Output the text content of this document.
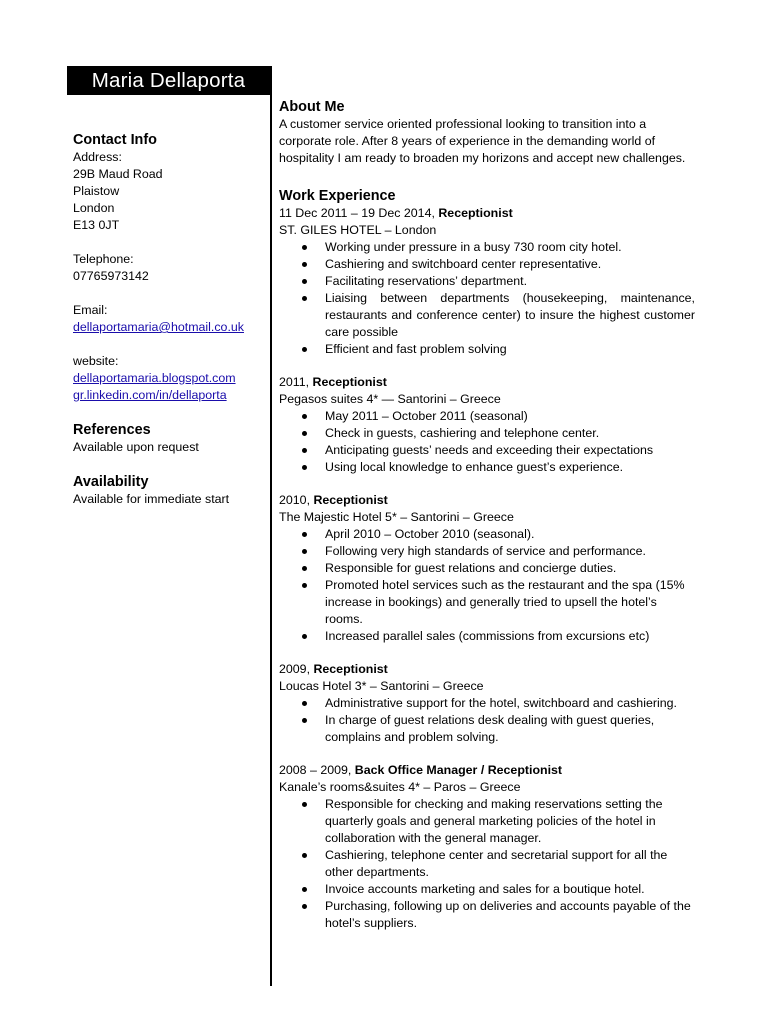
Maria Dellaporta
Contact Info
Address:
29B Maud Road
Plaistow
London
E13 0JT
Telephone:
07765973142
Email:
dellaportamaria@hotmail.co.uk
website:
dellaportamaria.blogspot.com
gr.linkedin.com/in/dellaporta
References
Available upon request
Availability
Available for immediate start
About Me
A customer service oriented professional looking to transition into a corporate role. After 8 years of experience in the demanding world of hospitality I am ready to broaden my horizons and accept new challenges.
Work Experience
11 Dec 2011 – 19 Dec 2014, Receptionist
ST. GILES HOTEL – London
Working under pressure in a busy 730 room city hotel.
Cashiering and switchboard center representative.
Facilitating reservations’ department.
Liaising between departments (housekeeping, maintenance, restaurants and conference center) to insure the highest customer care possible
Efficient and fast problem solving
2011, Receptionist
Pegasos suites 4* — Santorini – Greece
May 2011 – October 2011 (seasonal)
Check in guests, cashiering and telephone center.
Anticipating guests’ needs and exceeding their expectations
Using local knowledge to enhance guest’s experience.
2010, Receptionist
The Majestic Hotel 5* – Santorini – Greece
April 2010 – October 2010 (seasonal).
Following very high standards of service and performance.
Responsible for guest relations and concierge duties.
Promoted hotel services such as the restaurant and the spa (15% increase in bookings) and generally tried to upsell the hotel’s rooms.
Increased parallel sales (commissions from excursions etc)
2009, Receptionist
Loucas Hotel 3* – Santorini – Greece
Administrative support for the hotel, switchboard and cashiering.
In charge of guest relations desk dealing with guest queries, complains and problem solving.
2008 – 2009, Back Office Manager / Receptionist
Kanale’s rooms&suites 4* – Paros – Greece
Responsible for checking and making reservations setting the quarterly goals and general marketing policies of the hotel in collaboration with the general manager.
Cashiering, telephone center and secretarial support for all the other departments.
Invoice accounts marketing and sales for a boutique hotel.
Purchasing, following up on deliveries and accounts payable of the hotel’s suppliers.
